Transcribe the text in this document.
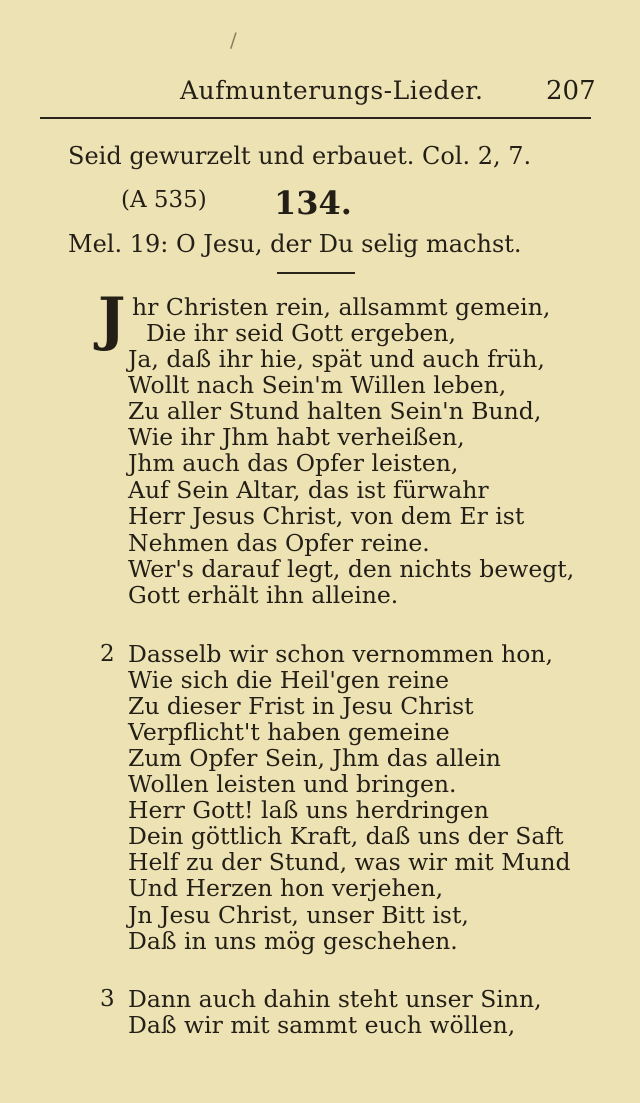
/
Aufmunterungs-Lieder. 207
Seid gewurzelt und erbauet. Col. 2, 7.
(A 535) 134.
Mel. 19: O Jesu, der Du selig machst.
J hr Christen rein, allsammt gemein,
Die ihr seid Gott ergeben,
Ja, daß ihr hie, spät und auch früh,
Wollt nach Sein'm Willen leben,
Zu aller Stund halten Sein'n Bund,
Wie ihr Jhm habt verheißen,
Jhm auch das Opfer leisten,
Auf Sein Altar, das ist fürwahr
Herr Jesus Christ, von dem Er ist
Nehmen das Opfer reine.
Wer's darauf legt, den nichts bewegt,
Gott erhält ihn alleine.
2 Dasselb wir schon vernommen hon,
Wie sich die Heil'gen reine
Zu dieser Frist in Jesu Christ
Verpflicht't haben gemeine
Zum Opfer Sein, Jhm das allein
Wollen leisten und bringen.
Herr Gott! laß uns herdringen
Dein göttlich Kraft, daß uns der Saft
Helf zu der Stund, was wir mit Mund
Und Herzen hon verjehen,
Jn Jesu Christ, unser Bitt ist,
Daß in uns mög geschehen.
3 Dann auch dahin steht unser Sinn,
Daß wir mit sammt euch wöllen,
